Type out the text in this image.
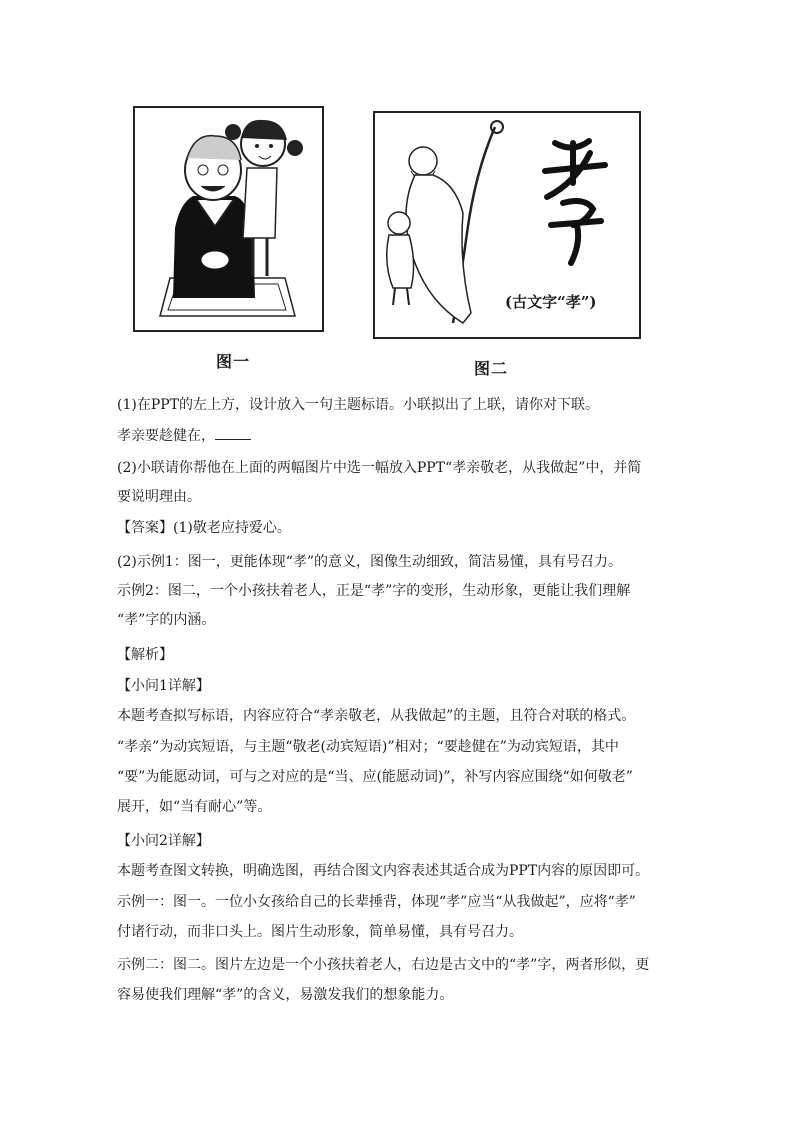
图一
(古文字“孝”)
图二
(1)在PPT的左上方，设计放入一句主题标语。小联拟出了上联，请你对下联。
孝亲要趁健在，
(2)小联请你帮他在上面的两幅图片中选一幅放入PPT“孝亲敬老，从我做起”中，并简
要说明理由。
【答案】(1)敬老应持爱心。
(2)示例1：图一，更能体现“孝”的意义，图像生动细致，简洁易懂，具有号召力。
示例2：图二，一个小孩扶着老人，正是“孝”字的变形，生动形象，更能让我们理解
“孝”字的内涵。
【解析】
【小问1详解】
本题考查拟写标语，内容应符合“孝亲敬老，从我做起”的主题，且符合对联的格式。
“孝亲”为动宾短语，与主题“敬老(动宾短语)”相对；“要趁健在”为动宾短语，其中
“要”为能愿动词，可与之对应的是“当、应(能愿动词)”，补写内容应围绕“如何敬老”
展开，如“当有耐心”等。
【小问2详解】
本题考查图文转换，明确选图，再结合图文内容表述其适合成为PPT内容的原因即可。
示例一：图一。一位小女孩给自己的长辈捶背，体现“孝”应当“从我做起”，应将“孝”
付诸行动，而非口头上。图片生动形象，简单易懂，具有号召力。
示例二：图二。图片左边是一个小孩扶着老人，右边是古文中的“孝”字，两者形似，更
容易使我们理解“孝”的含义，易激发我们的想象能力。
